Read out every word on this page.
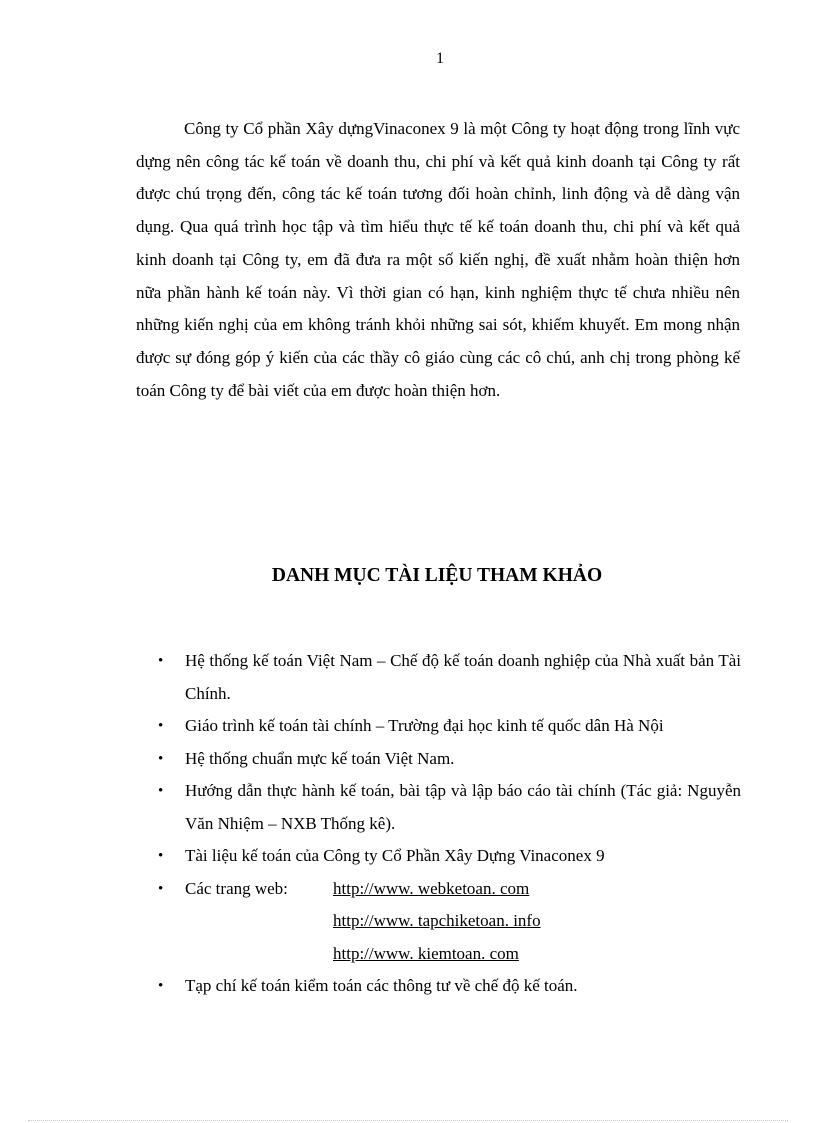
1

Công ty Cổ phần Xây dựngVinaconex 9 là một Công ty hoạt động trong lĩnh vực dựng nên công tác kế toán về doanh thu, chi phí và kết quả kinh doanh tại Công ty rất được chú trọng đến, công tác kế toán tương đối hoàn chỉnh, linh động và dễ dàng vận dụng. Qua quá trình học tập và tìm hiểu thực tế kế toán doanh thu, chi phí và kết quả kinh doanh tại Công ty, em đã đưa ra một số kiến nghị, đề xuất nhằm hoàn thiện hơn nữa phần hành kế toán này. Vì thời gian có hạn, kinh nghiệm thực tế chưa nhiều nên những kiến nghị của em không tránh khỏi những sai sót, khiếm khuyết. Em mong nhận được sự đóng góp ý kiến của các thầy cô giáo cùng các cô chú, anh chị trong phòng kế toán Công ty để bài viết của em được hoàn thiện hơn.

DANH MỤC TÀI LIỆU THAM KHẢO
• Hệ thống kế toán Việt Nam – Chế độ kế toán doanh nghiệp của Nhà xuất bản Tài Chính.
• Giáo trình kế toán tài chính – Trường đại học kinh tế quốc dân Hà Nội
• Hệ thống chuẩn mực kế toán Việt Nam.
• Hướng dẫn thực hành kế toán, bài tập và lập báo cáo tài chính (Tác giả: Nguyễn Văn Nhiệm – NXB Thống kê).
• Tài liệu kế toán của Công ty Cổ Phần Xây Dựng Vinaconex 9
• Các trang web:	http://www. webketoan. com
http://www. tapchiketoan. info
http://www. kiemtoan. com
• Tạp chí kế toán kiểm toán các thông tư về chế độ kế toán.
